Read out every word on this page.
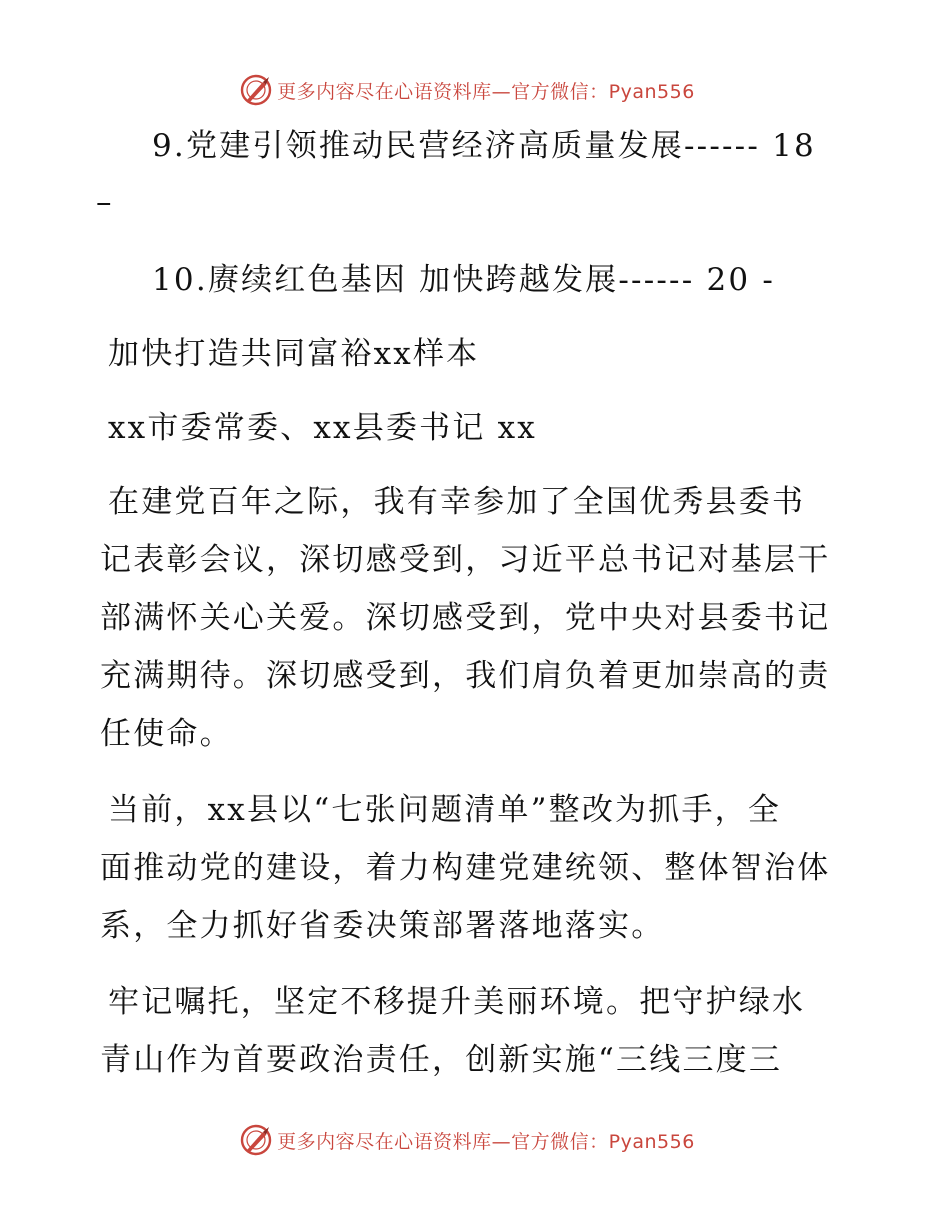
更多内容尽在心语资料库—官方微信：Pyan556
9.党建引领推动民营经济高质量发展------ 18
–
10.赓续红色基因 加快跨越发展------ 20 -
加快打造共同富裕xx样本
xx市委常委、xx县委书记 xx
在建党百年之际，我有幸参加了全国优秀县委书
记表彰会议，深切感受到，习近平总书记对基层干
部满怀关心关爱。深切感受到，党中央对县委书记
充满期待。深切感受到，我们肩负着更加崇高的责
任使命。
当前，xx县以“七张问题清单”整改为抓手，全
面推动党的建设，着力构建党建统领、整体智治体
系，全力抓好省委决策部署落地落实。
牢记嘱托，坚定不移提升美丽环境。把守护绿水
青山作为首要政治责任，创新实施“三线三度三
更多内容尽在心语资料库—官方微信：Pyan556
